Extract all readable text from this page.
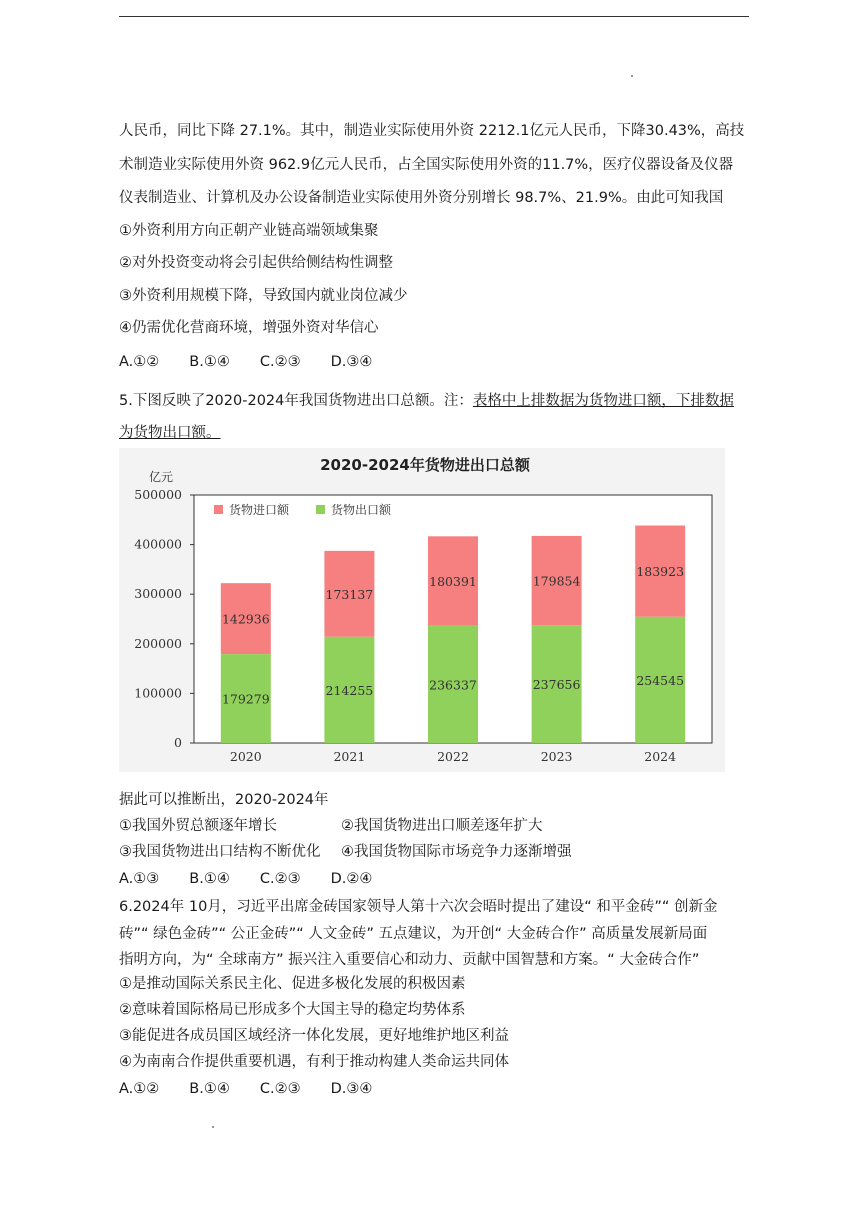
人民币，同比下降 27.1%。其中，制造业实际使用外资 2212.1亿元人民币，下降30.43%，高技
术制造业实际使用外资 962.9亿元人民币，占全国实际使用外资的11.7%，医疗仪器设备及仪器
仪表制造业、计算机及办公设备制造业实际使用外资分别增长 98.7%、21.9%。由此可知我国
①外资利用方向正朝产业链高端领域集聚
②对外投资变动将会引起供给侧结构性调整
③外资利用规模下降，导致国内就业岗位减少
④仍需优化营商环境，增强外资对华信心
A.①② B.①④ C.②③ D.③④
5.下图反映了2020-2024年我国货物进出口总额。注：表格中上排数据为货物进口额，下排数据
为货物出口额。
2020-2024年货物进出口总额
亿元
0
100000
200000
300000
400000
500000
179279
142936
2020
214255
173137
2021
236337
180391
2022
237656
179854
2023
254545
183923
2024
货物进口额	货物出口额
据此可以推断出，2020-2024年
①我国外贸总额逐年增长	②我国货物进出口顺差逐年扩大
③我国货物进出口结构不断优化 ④我国货物国际市场竞争力逐渐增强
A.①③ B.①④ C.②③ D.②④
6.2024年 10月，习近平出席金砖国家领导人第十六次会晤时提出了建设“ 和平金砖”“ 创新金
砖”“ 绿色金砖”“ 公正金砖”“ 人文金砖” 五点建议，为开创“ 大金砖合作” 高质量发展新局面
指明方向，为“ 全球南方” 振兴注入重要信心和动力、贡献中国智慧和方案。“ 大金砖合作”
①是推动国际关系民主化、促进多极化发展的积极因素
②意味着国际格局已形成多个大国主导的稳定均势体系
③能促进各成员国区域经济一体化发展，更好地维护地区利益
④为南南合作提供重要机遇，有利于推动构建人类命运共同体
A.①② B.①④ C.②③ D.③④
